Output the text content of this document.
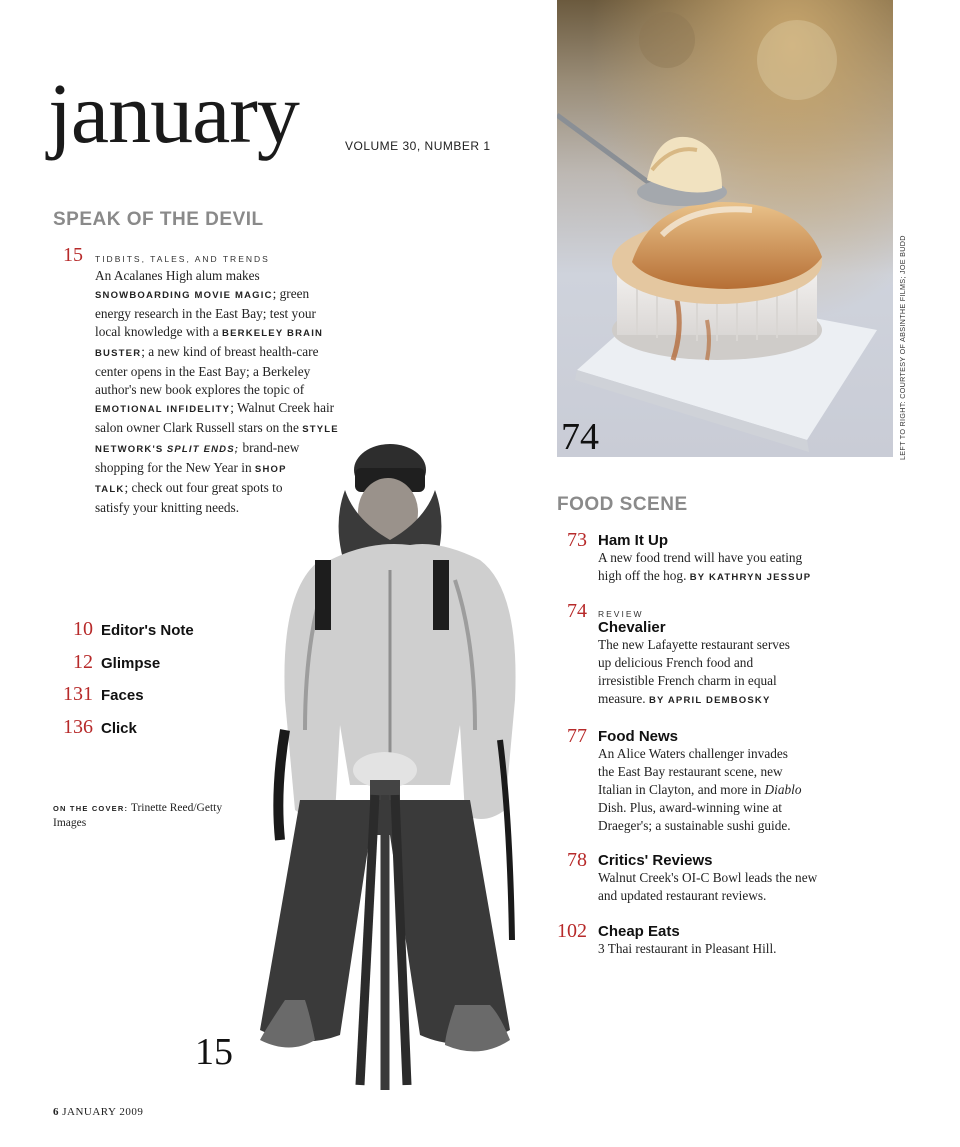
january	VOLUME 30, NUMBER 1
SPEAK OF THE DEVIL
15 TIDBITS, TALES, AND TRENDS
An Acalanes High alum makes
SNOWBOARDING MOVIE MAGIC; green
energy research in the East Bay; test your
local knowledge with a BERKELEY BRAIN
BUSTER; a new kind of breast health-care
center opens in the East Bay; a Berkeley
author's new book explores the topic of
EMOTIONAL INFIDELITY; Walnut Creek hair
salon owner Clark Russell stars on the STYLE
NETWORK'S SPLIT ENDS; brand-new
shopping for the New Year in SHOP
TALK; check out four great spots to
satisfy your knitting needs.
10 Editor's Note
12 Glimpse
131 Faces
136 Click
ON THE COVER: Trinette Reed/Getty
Images
74	LEFT TO RIGHT: COURTESY OF ABSINTHE FILMS; JOE BUDD
15
FOOD SCENE
73 Ham It Up
A new food trend will have you eating
high off the hog. BY KATHRYN JESSUP
74 REVIEW
Chevalier
The new Lafayette restaurant serves
up delicious French food and
irresistible French charm in equal
measure. BY APRIL DEMBOSKY
77 Food News
An Alice Waters challenger invades
the East Bay restaurant scene, new
Italian in Clayton, and more in Diablo
Dish. Plus, award-winning wine at
Draeger's; a sustainable sushi guide.
78 Critics' Reviews
Walnut Creek's OI-C Bowl leads the new
and updated restaurant reviews.
102 Cheap Eats
3 Thai restaurant in Pleasant Hill.
6 JANUARY 2009
